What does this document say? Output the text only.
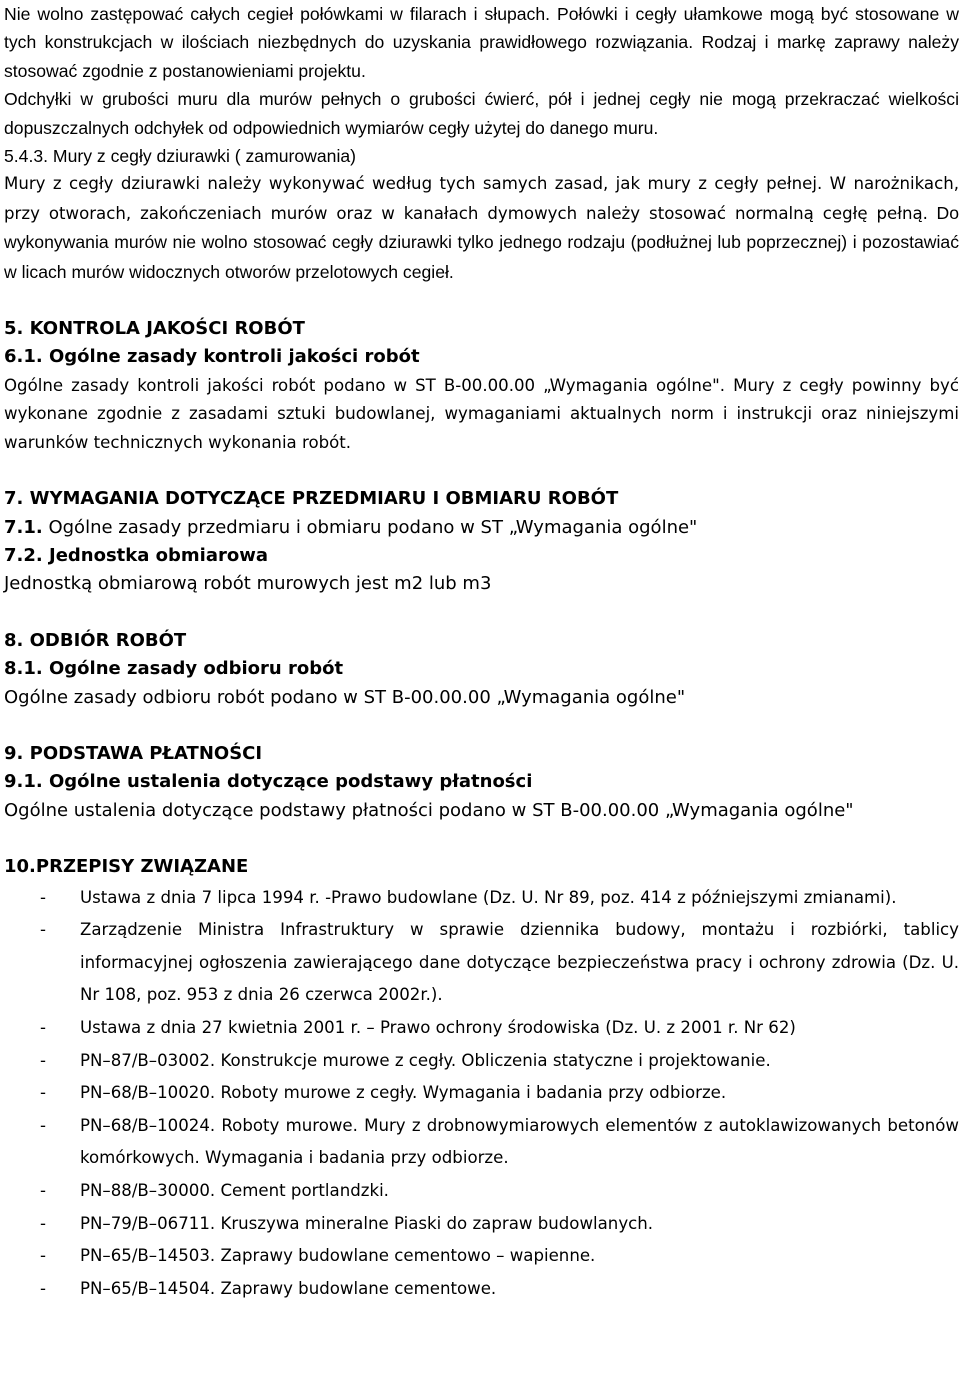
Nie wolno zastępować całych cegieł połówkami w filarach i słupach. Połówki i cegły ułamkowe mogą być stosowane w tych konstrukcjach w ilościach niezbędnych do uzyskania prawidłowego rozwiązania. Rodzaj i markę zaprawy należy stosować zgodnie z postanowieniami projektu.

Odchyłki w grubości muru dla murów pełnych o grubości ćwierć, pół i jednej cegły nie mogą przekraczać wielkości dopuszczalnych odchyłek od odpowiednich wymiarów cegły użytej do danego muru.

5.4.3. Mury z cegły dziurawki ( zamurowania)

Mury z cegły dziurawki należy wykonywać według tych samych zasad, jak mury z cegły pełnej. W narożnikach, przy otworach, zakończeniach murów oraz w kanałach dymowych należy stosować normalną cegłę pełną. Do wykonywania murów nie wolno stosować cegły dziurawki tylko jednego rodzaju (podłużnej lub poprzecznej) i pozostawiać w licach murów widocznych otworów przelotowych cegieł.

5. KONTROLA JAKOŚCI ROBÓT

6.1. Ogólne zasady kontroli jakości robót

Ogólne zasady kontroli jakości robót podano w ST B-00.00.00 „Wymagania ogólne". Mury z cegły powinny być wykonane zgodnie z zasadami sztuki budowlanej, wymaganiami aktualnych norm i instrukcji oraz niniejszymi warunków technicznych wykonania robót.

7. WYMAGANIA DOTYCZĄCE PRZEDMIARU I OBMIARU ROBÓT

7.1. Ogólne zasady przedmiaru i obmiaru podano w ST „Wymagania ogólne"

7.2. Jednostka obmiarowa

Jednostką obmiarową robót murowych jest m2 lub m3

8. ODBIÓR ROBÓT

8.1. Ogólne zasady odbioru robót

Ogólne zasady odbioru robót podano w ST B-00.00.00 „Wymagania ogólne"

9. PODSTAWA PŁATNOŚCI

9.1. Ogólne ustalenia dotyczące podstawy płatności

Ogólne ustalenia dotyczące podstawy płatności podano w ST B-00.00.00 „Wymagania ogólne"

10.PRZEPISY ZWIĄZANE

- Ustawa z dnia 7 lipca 1994 r. -Prawo budowlane (Dz. U. Nr 89, poz. 414 z późniejszymi zmianami).
- Zarządzenie Ministra Infrastruktury w sprawie dziennika budowy, montażu i rozbiórki, tablicy informacyjnej ogłoszenia zawierającego dane dotyczące bezpieczeństwa pracy i ochrony zdrowia (Dz. U. Nr 108, poz. 953 z dnia 26 czerwca 2002r.).
- Ustawa z dnia 27 kwietnia 2001 r. – Prawo ochrony środowiska (Dz. U. z 2001 r. Nr 62)
- PN–87/B–03002. Konstrukcje murowe z cegły. Obliczenia statyczne i projektowanie.
- PN–68/B–10020. Roboty murowe z cegły. Wymagania i badania przy odbiorze.
- PN–68/B–10024. Roboty murowe. Mury z drobnowymiarowych elementów z autoklawizowanych betonów komórkowych. Wymagania i badania przy odbiorze.
- PN–88/B–30000. Cement portlandzki.
- PN–79/B–06711. Kruszywa mineralne Piaski do zapraw budowlanych.
- PN–65/B–14503. Zaprawy budowlane cementowo – wapienne.
- PN–65/B–14504. Zaprawy budowlane cementowe.
